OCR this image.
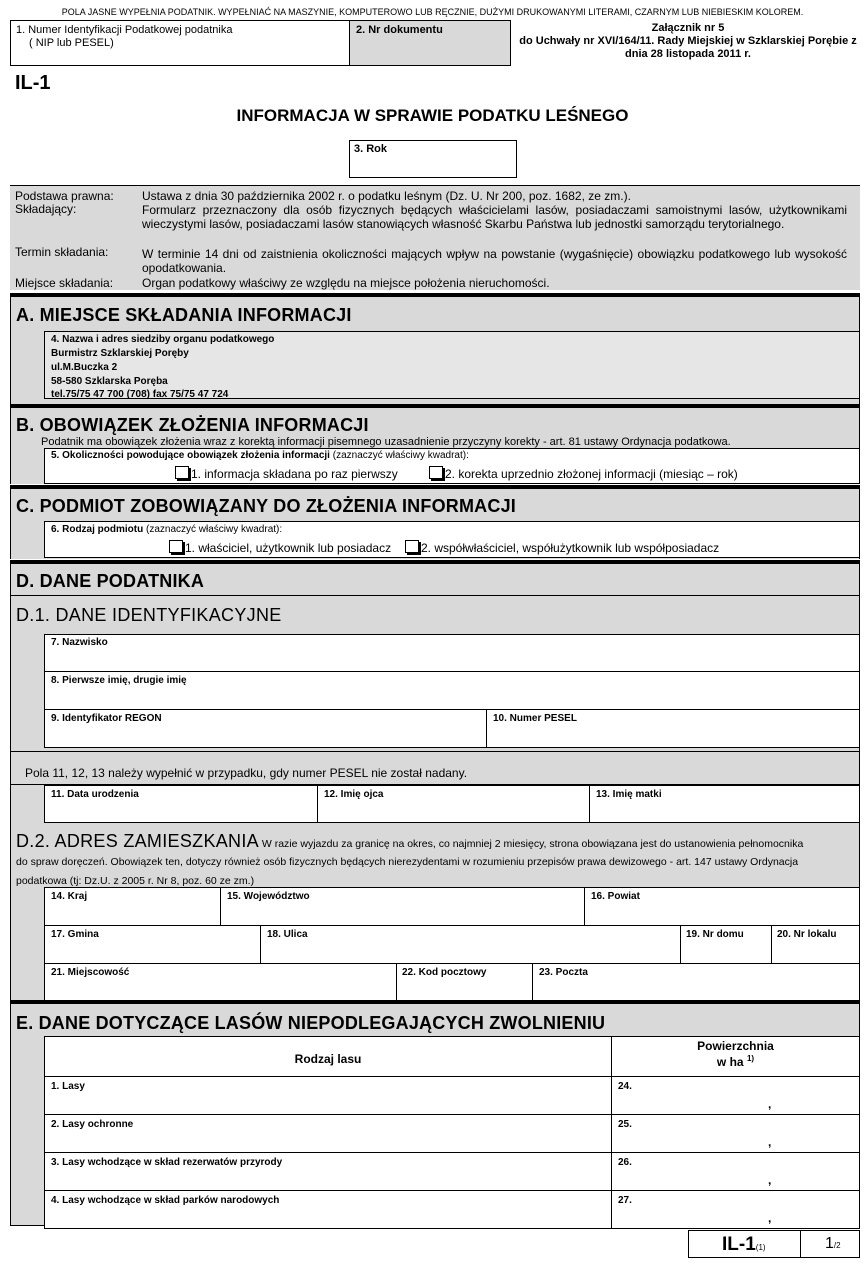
POLA JASNE WYPEŁNIA PODATNIK. WYPEŁNIAĆ NA MASZYNIE, KOMPUTEROWO LUB RĘCZNIE, DUŻYMI DRUKOWANYMI LITERAMI, CZARNYM LUB NIEBIESKIM KOLOREM.
1. Numer Identyfikacji Podatkowej podatnika
( NIP lub PESEL)
2. Nr dokumentu	Załącznik nr 5
do Uchwały nr XVI/164/11. Rady Miejskiej w Szklarskiej Porębie z
dnia 28 listopada 2011 r.
IL-1
INFORMACJA W SPRAWIE PODATKU LEŚNEGO
3. Rok
Podstawa prawna: Ustawa z dnia 30 października 2002 r. o podatku leśnym (Dz. U. Nr 200, poz. 1682, ze zm.).
Składający:	Formularz przeznaczony dla osób fizycznych będących właścicielami lasów, posiadaczami samoistnymi lasów, użytkownikami wieczystymi lasów, posiadaczami lasów stanowiących własność Skarbu Państwa lub jednostki samorządu terytorialnego.
Termin składania:	W terminie 14 dni od zaistnienia okoliczności mających wpływ na powstanie (wygaśnięcie) obowiązku podatkowego lub wysokość opodatkowania.
Miejsce składania: Organ podatkowy właściwy ze względu na miejsce położenia nieruchomości.
A. MIEJSCE SKŁADANIA INFORMACJI
4. Nazwa i adres siedziby organu podatkowego
Burmistrz Szklarskiej Poręby
ul.M.Buczka 2
58-580 Szklarska Poręba
tel.75/75 47 700 (708) fax 75/75 47 724
B. OBOWIĄZEK ZŁOŻENIA INFORMACJI
Podatnik ma obowiązek złożenia wraz z korektą informacji pisemnego uzasadnienie przyczyny korekty - art. 81 ustawy Ordynacja podatkowa.
5. Okoliczności powodujące obowiązek złożenia informacji (zaznaczyć właściwy kwadrat):
1. informacja składana po raz pierwszy	2. korekta uprzednio złożonej informacji (miesiąc – rok)
C. PODMIOT ZOBOWIĄZANY DO ZŁOŻENIA INFORMACJI
6. Rodzaj podmiotu (zaznaczyć właściwy kwadrat):
1. właściciel, użytkownik lub posiadacz	2. współwłaściciel, współużytkownik lub współposiadacz
D. DANE PODATNIKA
D.1. DANE IDENTYFIKACYJNE
7. Nazwisko
8. Pierwsze imię, drugie imię
9. Identyfikator REGON	10. Numer PESEL
Pola 11, 12, 13 należy wypełnić w przypadku, gdy numer PESEL nie został nadany.
11. Data urodzenia	12. Imię ojca	13. Imię matki
D.2. ADRES ZAMIESZKANIA W razie wyjazdu za granicę na okres, co najmniej 2 miesięcy, strona obowiązana jest do ustanowienia pełnomocnika
do spraw doręczeń. Obowiązek ten, dotyczy również osób fizycznych będących nierezydentami w rozumieniu przepisów prawa dewizowego - art. 147 ustawy Ordynacja
podatkowa (tj: Dz.U. z 2005 r. Nr 8, poz. 60 ze zm.)
14. Kraj	15. Województwo	16. Powiat
17. Gmina	18. Ulica	19. Nr domu	20. Nr lokalu
21. Miejscowość	22. Kod pocztowy	23. Poczta
E. DANE DOTYCZĄCE LASÓW NIEPODLEGAJĄCYCH ZWOLNIENIU
Rodzaj lasu
Powierzchnia
w ha $^{1)}$
1. Lasy	24.
,
2. Lasy ochronne	25.
,
3. Lasy wchodzące w skład rezerwatów przyrody	26.
,
4. Lasy wchodzące w skład parków narodowych	27.
,
IL-1(1)	1/2
